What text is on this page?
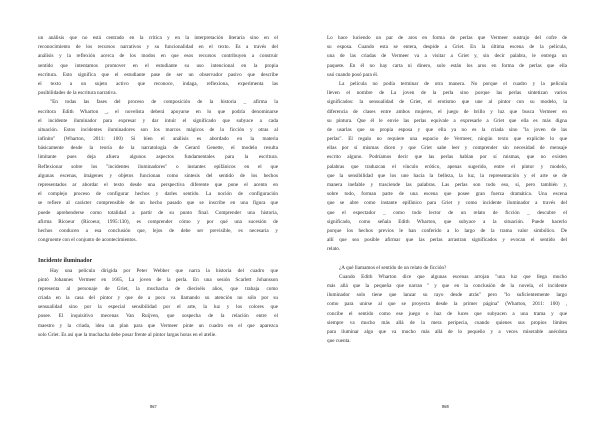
un análisis que no está centrado en la crítica y en la interpretación literaria sino en el
reconocimiento de los recursos narrativos y su funcionalidad en el texto. Es a través del
análisis y la reflexión acerca de los modos en que esos recursos contribuyen a construir
sentido que intentamos promover en el estudiante su uso intencional en la propia
escritura. Esto significa que el estudiante pase de ser un observador pasivo que describe
el texto a un sujeto activo que reconoce, indaga, reflexiona, experimenta las
posibilidades de la escritura narrativa.
"En todas las fases del proceso de composición de la historia _ afirma la
escritora Edith Wharton _, el novelista deberá apoyarse en lo que podría denominarse
el incidente iluminador para expresar y dar intuir el significado que subyace a cada
situación. Estos incidentes iluminadores son los marcos mágicos de la ficción y otras al
infinito" (Wharton, 2011: 100) Si bien el análisis es abordado en la materia
básicamente desde la teoría de la narratología de Gerard Genette, el modelo resulta
limitante pues deja afuera algunos aspectos fundamentales para la escritura.
Reflexionar sobre los "incidentes iluminadores" o instantes epifánicos en el que
algunas escenas, imágenes y objetos funcionan como síntesis del sentido de los hechos
representados ar abordar el texto desde una perspectiva diferente que pone el acento en
el complejo proceso de configurar hechos y darles sentido. La noción de configuración
se refiere al carácter comprensible de un hecho pasado que se inscribe en una figura que
puede aprehenderse como totalidad a partir de su punto final. Comprender una historia,
afirma Ricoeur (Ricoeur, 1995:130), es comprender cómo y por qué una sucesión de
hechos conducen a esa conclusión que, lejos de debe ser previsible, es necesaria y
congruente con el conjunto de acontecimientos.
Incidente iluminador
Hay una película dirigida por Peter Webber que narra la historia del cuadro que
pintó Johannes Vermeer en 1665, La joven de la perla. En una sesión Scarlett Johansson
representa al personaje de Griet, la muchacha de dieciséis años, que trabaja como
criada en la casa del pintor y que de a poco va llamando su atención no sólo por su
sensualidad sino por la especial sensibilidad por el arte, la luz y los colores que
posee. El inquisitivo mecenas Van Ruijven, que sospecha de la relación entre el
maestro y la criada, idea un plan para que Vermeer pinte un cuadro en el que aparezca
solo Griet. Es así que la muchacha debe posar frente al pintor largas horas en el atelie.
Lo hace luciendo un par de aros en forma de perlas que Vermeer sustrajo del cofre de
su esposa. Cuando esta se entera, despide a Griet. En la última escena de la película,
una de las criadas de Vermeer va a visitar a Griet y, sin decir palabra, le entrega un
paquete. En él no hay carta ni dinero, solo están los aros en forma de perlas que ella
usó cuando posó para él.
La película no podía terminar de otra manera. No porque el cuadro y la película
lleven el nombre de La joven de la perla sino porque las perlas sintetizan varios
significados: la sensualidad de Griet, el erotismo que une al pintor con su modelo, la
diferencia de clases entre ambos mujeres, el juego de brillo y luz que busca Vermeer en
su pintura. Que él le envíe las perlas equivale a expresarle a Griet que ella es más digna
de usarlas que su propia esposa y que ella ya no es la criada sino "la joven de las
perlas". El regalo no requiere una espacio de Vermeer, ningún texto que explicite lo que
ellas por sí mismas dicen y que Griet sabe leer y comprender sin necesidad de mensaje
escrito alguno. Podríamos decir que las perlas hablan por sí mismas, que no existen
palabras que traduzcan el vínculo erótico, apenas sugerido, entre el pintor y modelo,
que la sensibilidad que los une hacia la belleza, la luz, la representación y el arte se de
manera inefable y trasciende las palabras. Las perlas son todo eso, sí, pero también y,
sobre todo, forman parte de una escena que posee gran fuerza dramática. Una escena
que se abre como instante epifánico para Griet y como incidente iluminador a través del
que el espectador _ como todo lector de un relato de ficción _ descubre el
significado, como señala Edith Wharton, que subyace a la situación. Puede hacerlo
porque los hechos previos le han conferido a lo largo de la trama valor simbólico. De
allí que sea posible afirmar que las perlas arrastran significados y evocan el sentido del
relato.
¿A qué llamamos el sentido de un relato de ficción?
Cuando Edith Wharton dice que algunas escenas arrojan "una luz que llega mucho
más allá que la pequeña que narran " y que en la conclusión de la novela, el incidente
iluminador solo tiene que lanzar su rayo desde atrás" pero "lo suficientemente largo
como para unirse al que se proyecta desde la primer página" (Wharton, 2011: 100) ,
concibe el sentido como ese juego o haz de luces que subyacen a una trama y que
siempre va mucho más allá de la mera peripecia, cuando quienes sus propios límites
para iluminar algo que va mucho más allá de lo pequeño y a veces miserable anécdota
que cuenta.
867	868
